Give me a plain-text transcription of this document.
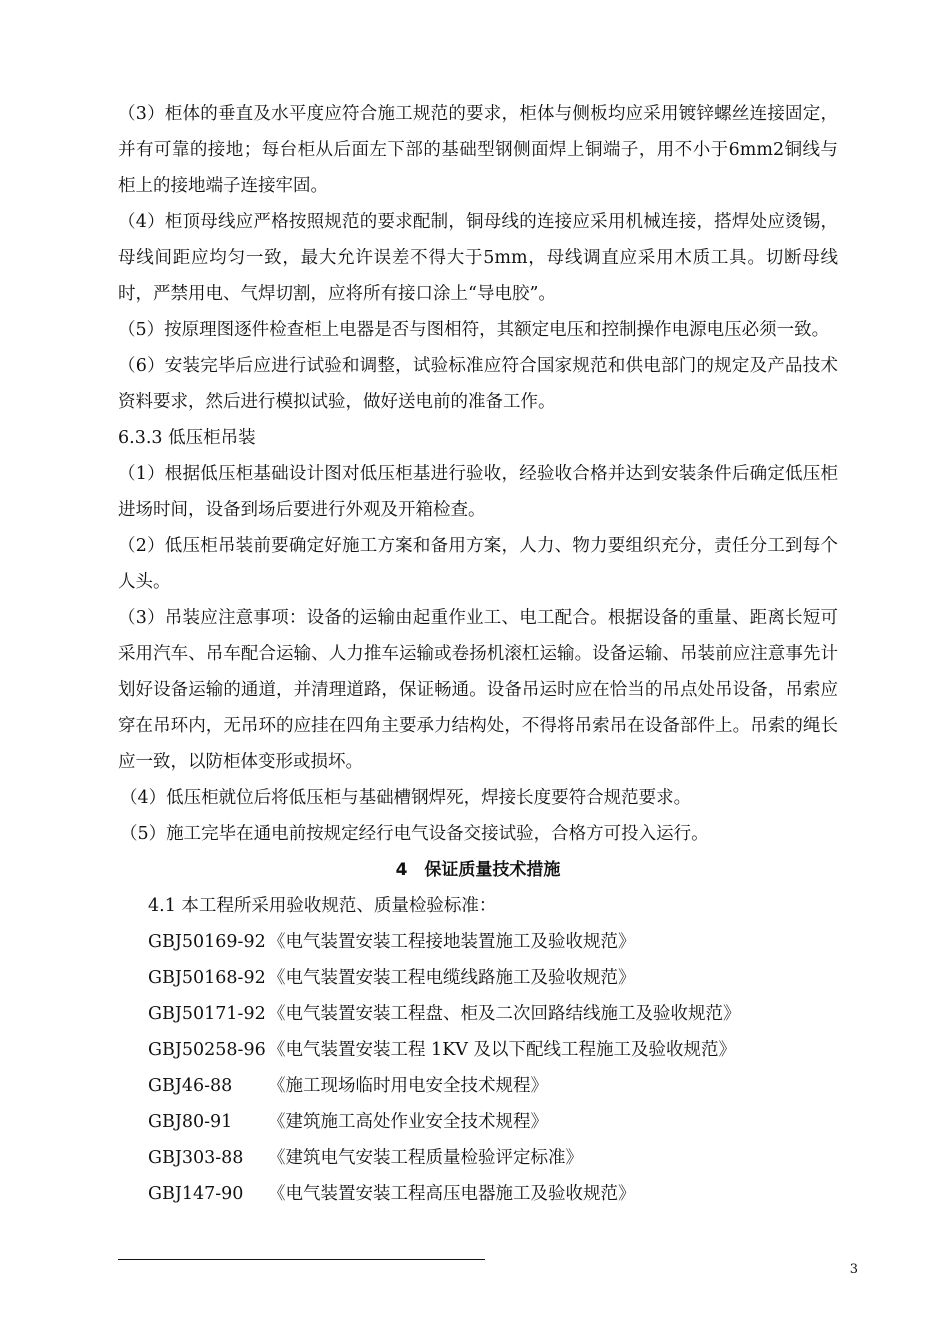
（3）柜体的垂直及水平度应符合施工规范的要求，柜体与侧板均应采用镀锌螺丝连接固定，并有可靠的接地；每台柜从后面左下部的基础型钢侧面焊上铜端子，用不小于6mm2铜线与柜上的接地端子连接牢固。

（4）柜顶母线应严格按照规范的要求配制，铜母线的连接应采用机械连接，搭焊处应烫锡，母线间距应均匀一致，最大允许误差不得大于5mm，母线调直应采用木质工具。切断母线时，严禁用电、气焊切割，应将所有接口涂上“导电胶”。

（5）按原理图逐件检查柜上电器是否与图相符，其额定电压和控制操作电源电压必须一致。

（6）安装完毕后应进行试验和调整，试验标准应符合国家规范和供电部门的规定及产品技术资料要求，然后进行模拟试验，做好送电前的准备工作。

6.3.3 低压柜吊装

（1）根据低压柜基础设计图对低压柜基进行验收，经验收合格并达到安装条件后确定低压柜进场时间，设备到场后要进行外观及开箱检查。

（2）低压柜吊装前要确定好施工方案和备用方案，人力、物力要组织充分，责任分工到每个人头。

（3）吊装应注意事项：设备的运输由起重作业工、电工配合。根据设备的重量、距离长短可采用汽车、吊车配合运输、人力推车运输或卷扬机滚杠运输。设备运输、吊装前应注意事先计划好设备运输的通道，并清理道路，保证畅通。设备吊运时应在恰当的吊点处吊设备，吊索应穿在吊环内，无吊环的应挂在四角主要承力结构处，不得将吊索吊在设备部件上。吊索的绳长应一致，以防柜体变形或损坏。

（4）低压柜就位后将低压柜与基础槽钢焊死，焊接长度要符合规范要求。

（5）施工完毕在通电前按规定经行电气设备交接试验，合格方可投入运行。

4　保证质量技术措施

4.1 本工程所采用验收规范、质量检验标准：

GBJ50169-92 《电气装置安装工程接地装置施工及验收规范》
GBJ50168-92 《电气装置安装工程电缆线路施工及验收规范》
GBJ50171-92 《电气装置安装工程盘、柜及二次回路结线施工及验收规范》
GBJ50258-96 《电气装置安装工程 1KV 及以下配线工程施工及验收规范》
GBJ46-88	《施工现场临时用电安全技术规程》
GBJ80-91	《建筑施工高处作业安全技术规程》
GBJ303-88	《建筑电气安装工程质量检验评定标准》
GBJ147-90	《电气装置安装工程高压电器施工及验收规范》
3
